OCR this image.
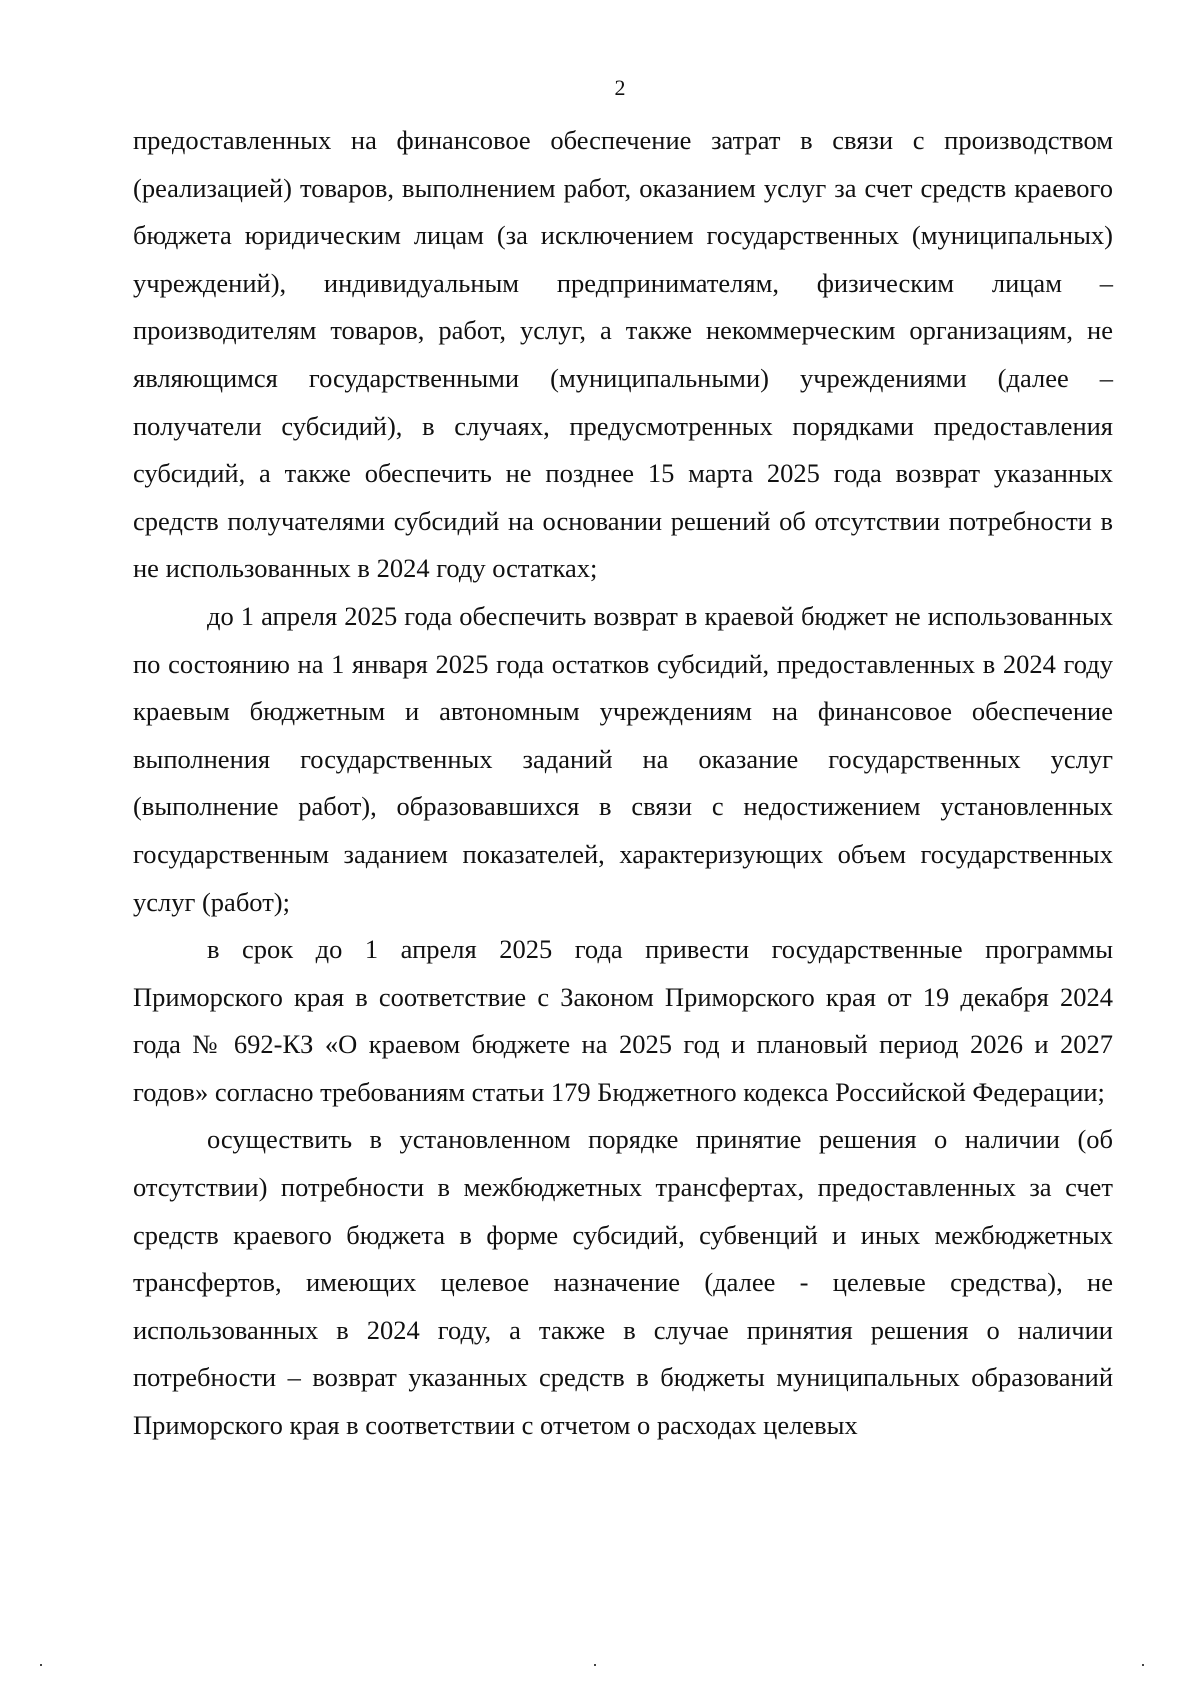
2

предоставленных на финансовое обеспечение затрат в связи с производством (реализацией) товаров, выполнением работ, оказанием услуг за счет средств краевого бюджета юридическим лицам (за исключением государственных (муниципальных) учреждений), индивидуальным предпринимателям, физическим лицам – производителям товаров, работ, услуг, а также некоммерческим организациям, не являющимся государственными (муниципальными) учреждениями (далее – получатели субсидий), в случаях, предусмотренных порядками предоставления субсидий, а также обеспечить не позднее 15 марта 2025 года возврат указанных средств получателями субсидий на основании решений об отсутствии потребности в не использованных в 2024 году остатках;

до 1 апреля 2025 года обеспечить возврат в краевой бюджет не использованных по состоянию на 1 января 2025 года остатков субсидий, предоставленных в 2024 году краевым бюджетным и автономным учреждениям на финансовое обеспечение выполнения государственных заданий на оказание государственных услуг (выполнение работ), образовавшихся в связи с недостижением установленных государственным заданием показателей, характеризующих объем государственных услуг (работ);

в срок до 1 апреля 2025 года привести государственные программы Приморского края в соответствие с Законом Приморского края от 19 декабря 2024 года № 692-КЗ «О краевом бюджете на 2025 год и плановый период 2026 и 2027 годов» согласно требованиям статьи 179 Бюджетного кодекса Российской Федерации;

осуществить в установленном порядке принятие решения о наличии (об отсутствии) потребности в межбюджетных трансфертах, предоставленных за счет средств краевого бюджета в форме субсидий, субвенций и иных межбюджетных трансфертов, имеющих целевое назначение (далее - целевые средства), не использованных в 2024 году, а также в случае принятия решения о наличии потребности – возврат указанных средств в бюджеты муниципальных образований Приморского края в соответствии с отчетом о расходах целевых
